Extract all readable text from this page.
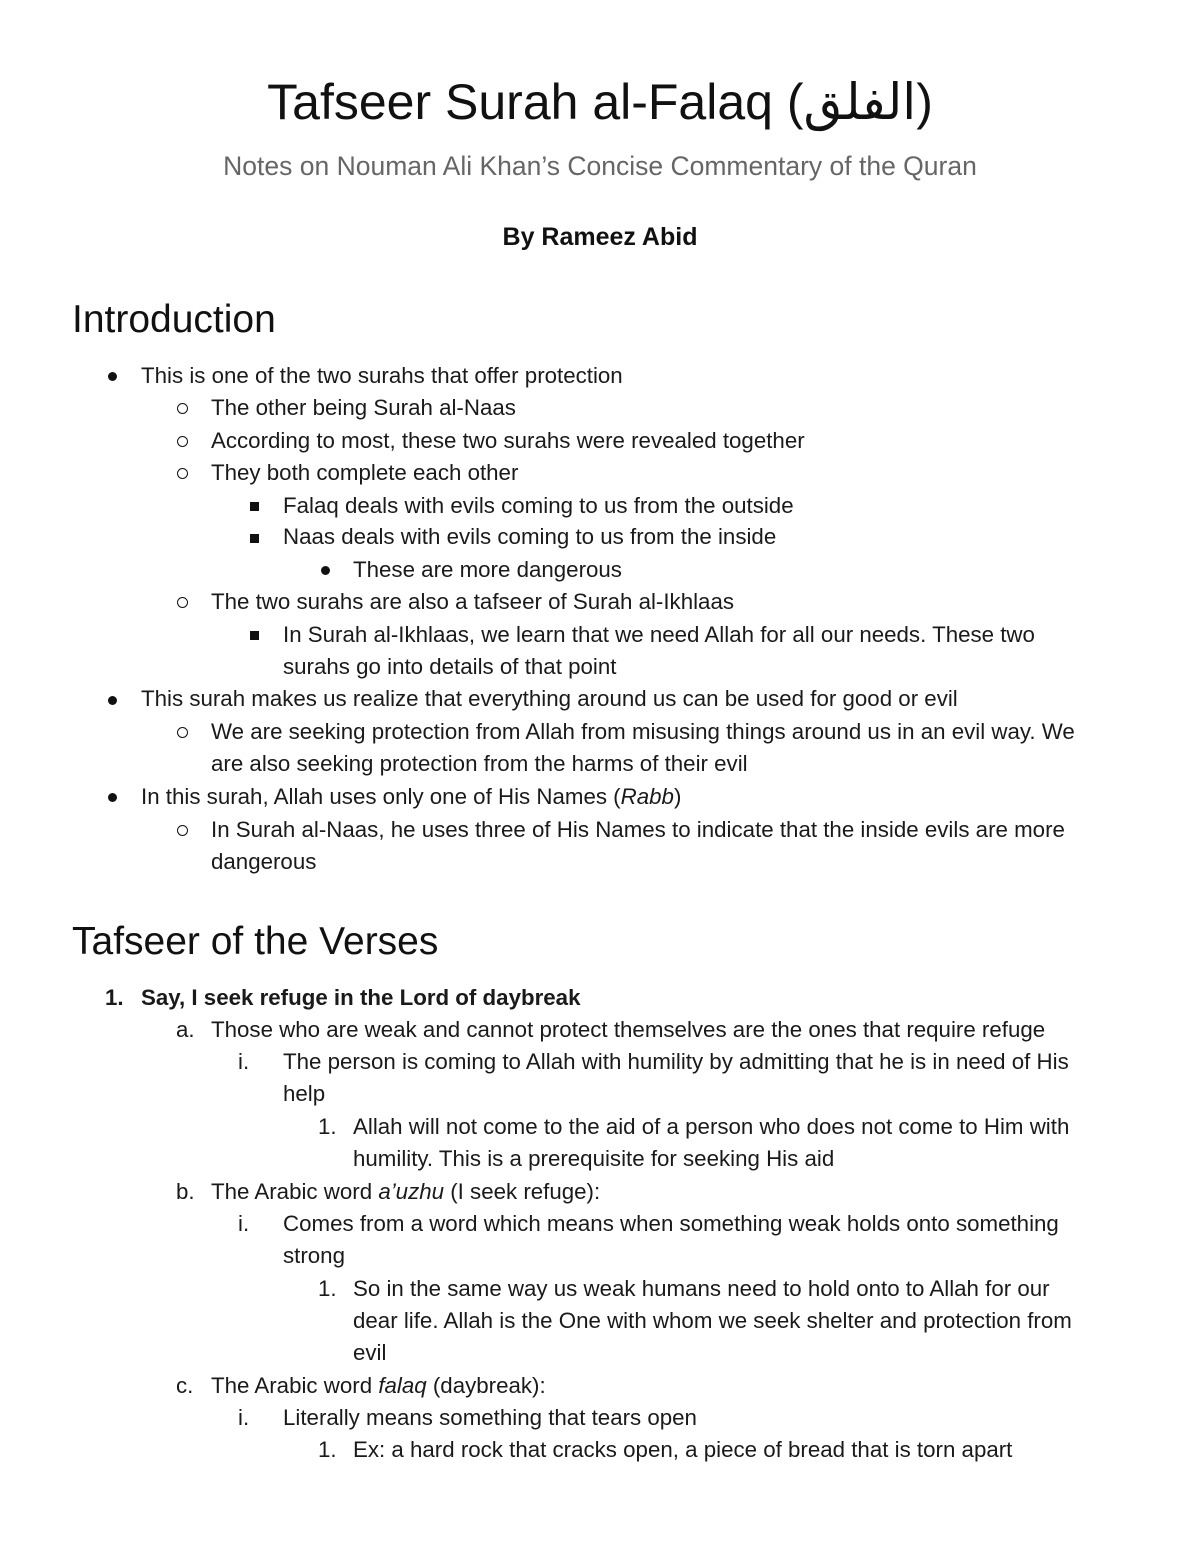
Tafseer Surah al-Falaq (الفلق)
Notes on Nouman Ali Khan’s Concise Commentary of the Quran
By Rameez Abid
Introduction
This is one of the two surahs that offer protection
The other being Surah al-Naas
According to most, these two surahs were revealed together
They both complete each other
Falaq deals with evils coming to us from the outside
Naas deals with evils coming to us from the inside
These are more dangerous
The two surahs are also a tafseer of Surah al-Ikhlaas
In Surah al-Ikhlaas, we learn that we need Allah for all our needs. These two
surahs go into details of that point
This surah makes us realize that everything around us can be used for good or evil
We are seeking protection from Allah from misusing things around us in an evil way. We
are also seeking protection from the harms of their evil
In this surah, Allah uses only one of His Names (Rabb)
In Surah al-Naas, he uses three of His Names to indicate that the inside evils are more
dangerous
Tafseer of the Verses
1. Say, I seek refuge in the Lord of daybreak
a. Those who are weak and cannot protect themselves are the ones that require refuge
i. The person is coming to Allah with humility by admitting that he is in need of His
help
1. Allah will not come to the aid of a person who does not come to Him with
humility. This is a prerequisite for seeking His aid
b. The Arabic word a’uzhu (I seek refuge):
i. Comes from a word which means when something weak holds onto something
strong
1. So in the same way us weak humans need to hold onto to Allah for our
dear life. Allah is the One with whom we seek shelter and protection from
evil
c. The Arabic word falaq (daybreak):
i. Literally means something that tears open
1. Ex: a hard rock that cracks open, a piece of bread that is torn apart
